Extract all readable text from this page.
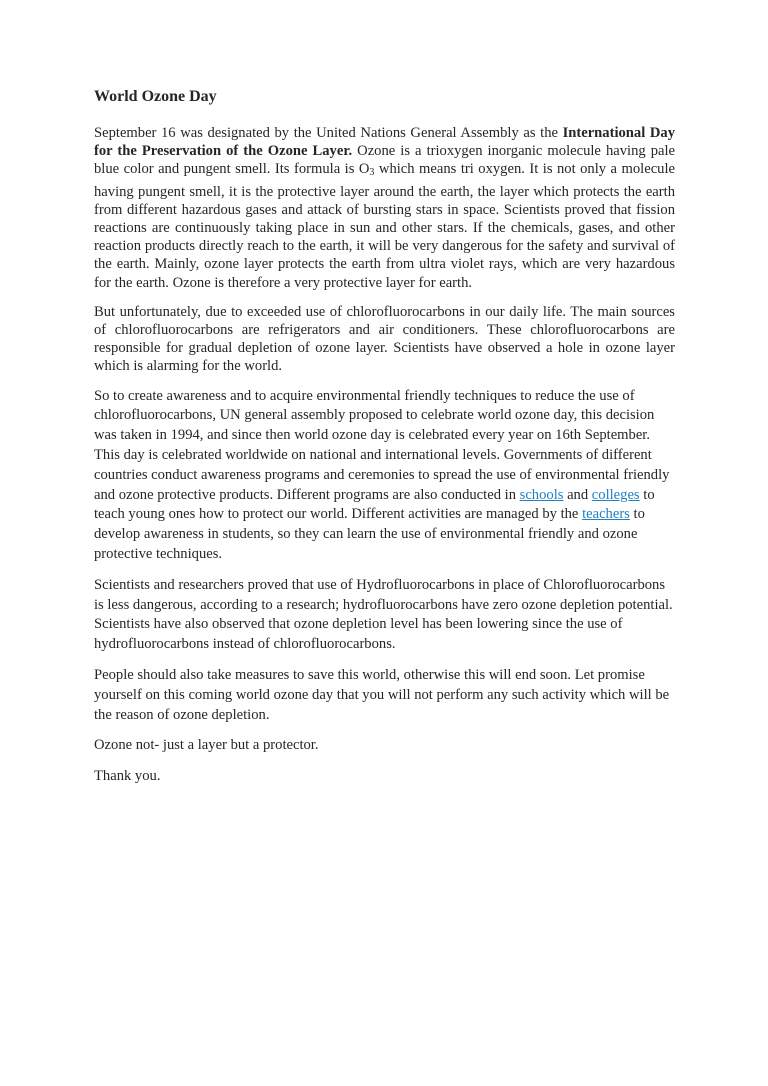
World Ozone Day

September 16 was designated by the United Nations General Assembly as the International Day for the Preservation of the Ozone Layer. Ozone is a trioxygen inorganic molecule having pale blue color and pungent smell. Its formula is $O_3$ which means tri oxygen. It is not only a molecule having pungent smell, it is the protective layer around the earth, the layer which protects the earth from different hazardous gases and attack of bursting stars in space. Scientists proved that fission reactions are continuously taking place in sun and other stars. If the chemicals, gases, and other reaction products directly reach to the earth, it will be very dangerous for the safety and survival of the earth. Mainly, ozone layer protects the earth from ultra violet rays, which are very hazardous for the earth. Ozone is therefore a very protective layer for earth.

But unfortunately, due to exceeded use of chlorofluorocarbons in our daily life. The main sources of chlorofluorocarbons are refrigerators and air conditioners. These chlorofluorocarbons are responsible for gradual depletion of ozone layer. Scientists have observed a hole in ozone layer which is alarming for the world.

So to create awareness and to acquire environmental friendly techniques to reduce the use of chlorofluorocarbons, UN general assembly proposed to celebrate world ozone day, this decision was taken in 1994, and since then world ozone day is celebrated every year on 16th September. This day is celebrated worldwide on national and international levels. Governments of different countries conduct awareness programs and ceremonies to spread the use of environmental friendly and ozone protective products. Different programs are also conducted in schools and colleges to teach young ones how to protect our world. Different activities are managed by the teachers to develop awareness in students, so they can learn the use of environmental friendly and ozone protective techniques.

Scientists and researchers proved that use of Hydrofluorocarbons in place of Chlorofluorocarbons is less dangerous, according to a research; hydrofluorocarbons have zero ozone depletion potential. Scientists have also observed that ozone depletion level has been lowering since the use of hydrofluorocarbons instead of chlorofluorocarbons.

People should also take measures to save this world, otherwise this will end soon. Let promise yourself on this coming world ozone day that you will not perform any such activity which will be the reason of ozone depletion.

Ozone not- just a layer but a protector.

Thank you.
